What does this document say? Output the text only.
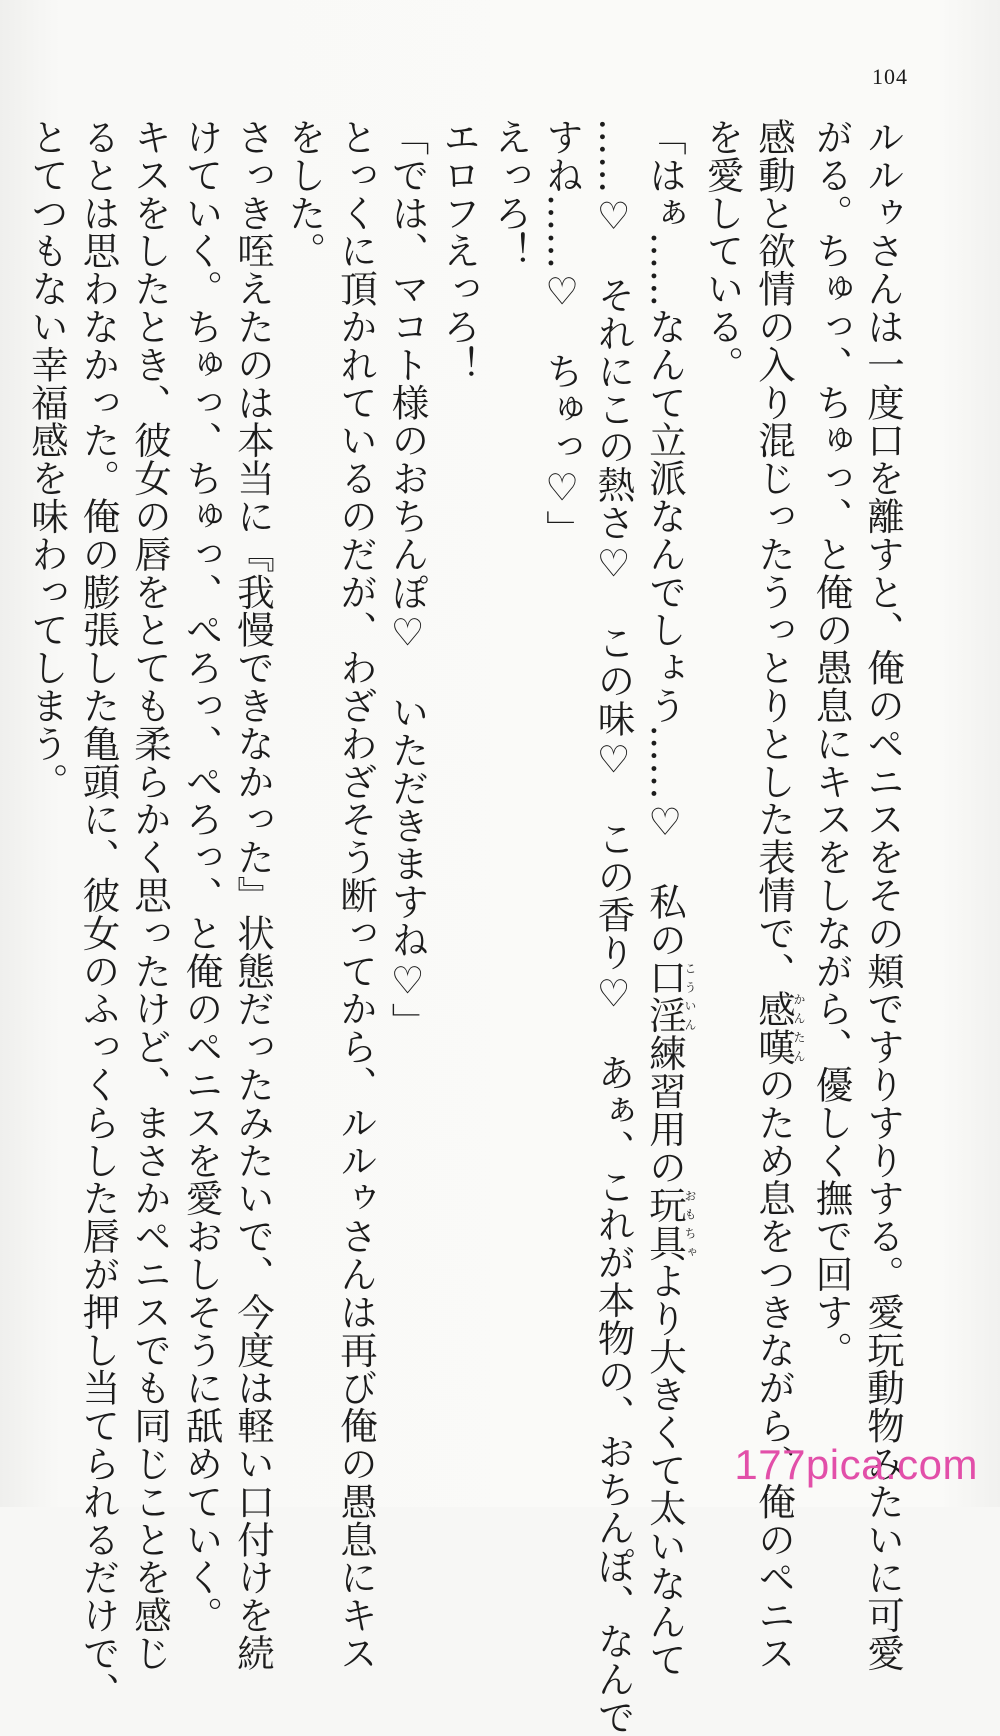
104

ルルゥさんは一度口を離すと、俺のペニスをその頬ですりすりする。愛玩動物みたいに可愛

がる。ちゅっ、ちゅっ、と俺の愚息にキスをしながら、優しく撫で回す。

感動と欲情の入り混じったうっとりとした表情で、感嘆かんたんのため息をつきながら、俺のペニス

を愛している。

「はぁ……なんて立派なんでしょう……♡　私の口淫こういん練習用の玩具おもちゃより大きくて太いなんて

……♡　それにこの熱さ♡　この味♡　この香り♡　あぁ、これが本物の、おちんぽ、なんで

すね……♡　ちゅっ♡」

えっろ！

エロフえっろ！

「では、マコト様のおちんぽ♡　いただきますね♡」

とっくに頂かれているのだが、わざわざそう断ってから、ルルゥさんは再び俺の愚息にキス

をした。

さっき咥えたのは本当に『我慢できなかった』状態だったみたいで、今度は軽い口付けを続

けていく。ちゅっ、ちゅっ、ぺろっ、ぺろっ、と俺のペニスを愛おしそうに舐めていく。

キスをしたとき、彼女の唇をとても柔らかく思ったけど、まさかペニスでも同じことを感じ

るとは思わなかった。俺の膨張した亀頭に、彼女のふっくらした唇が押し当てられるだけで、

とてつもない幸福感を味わってしまう。

177pica.com
